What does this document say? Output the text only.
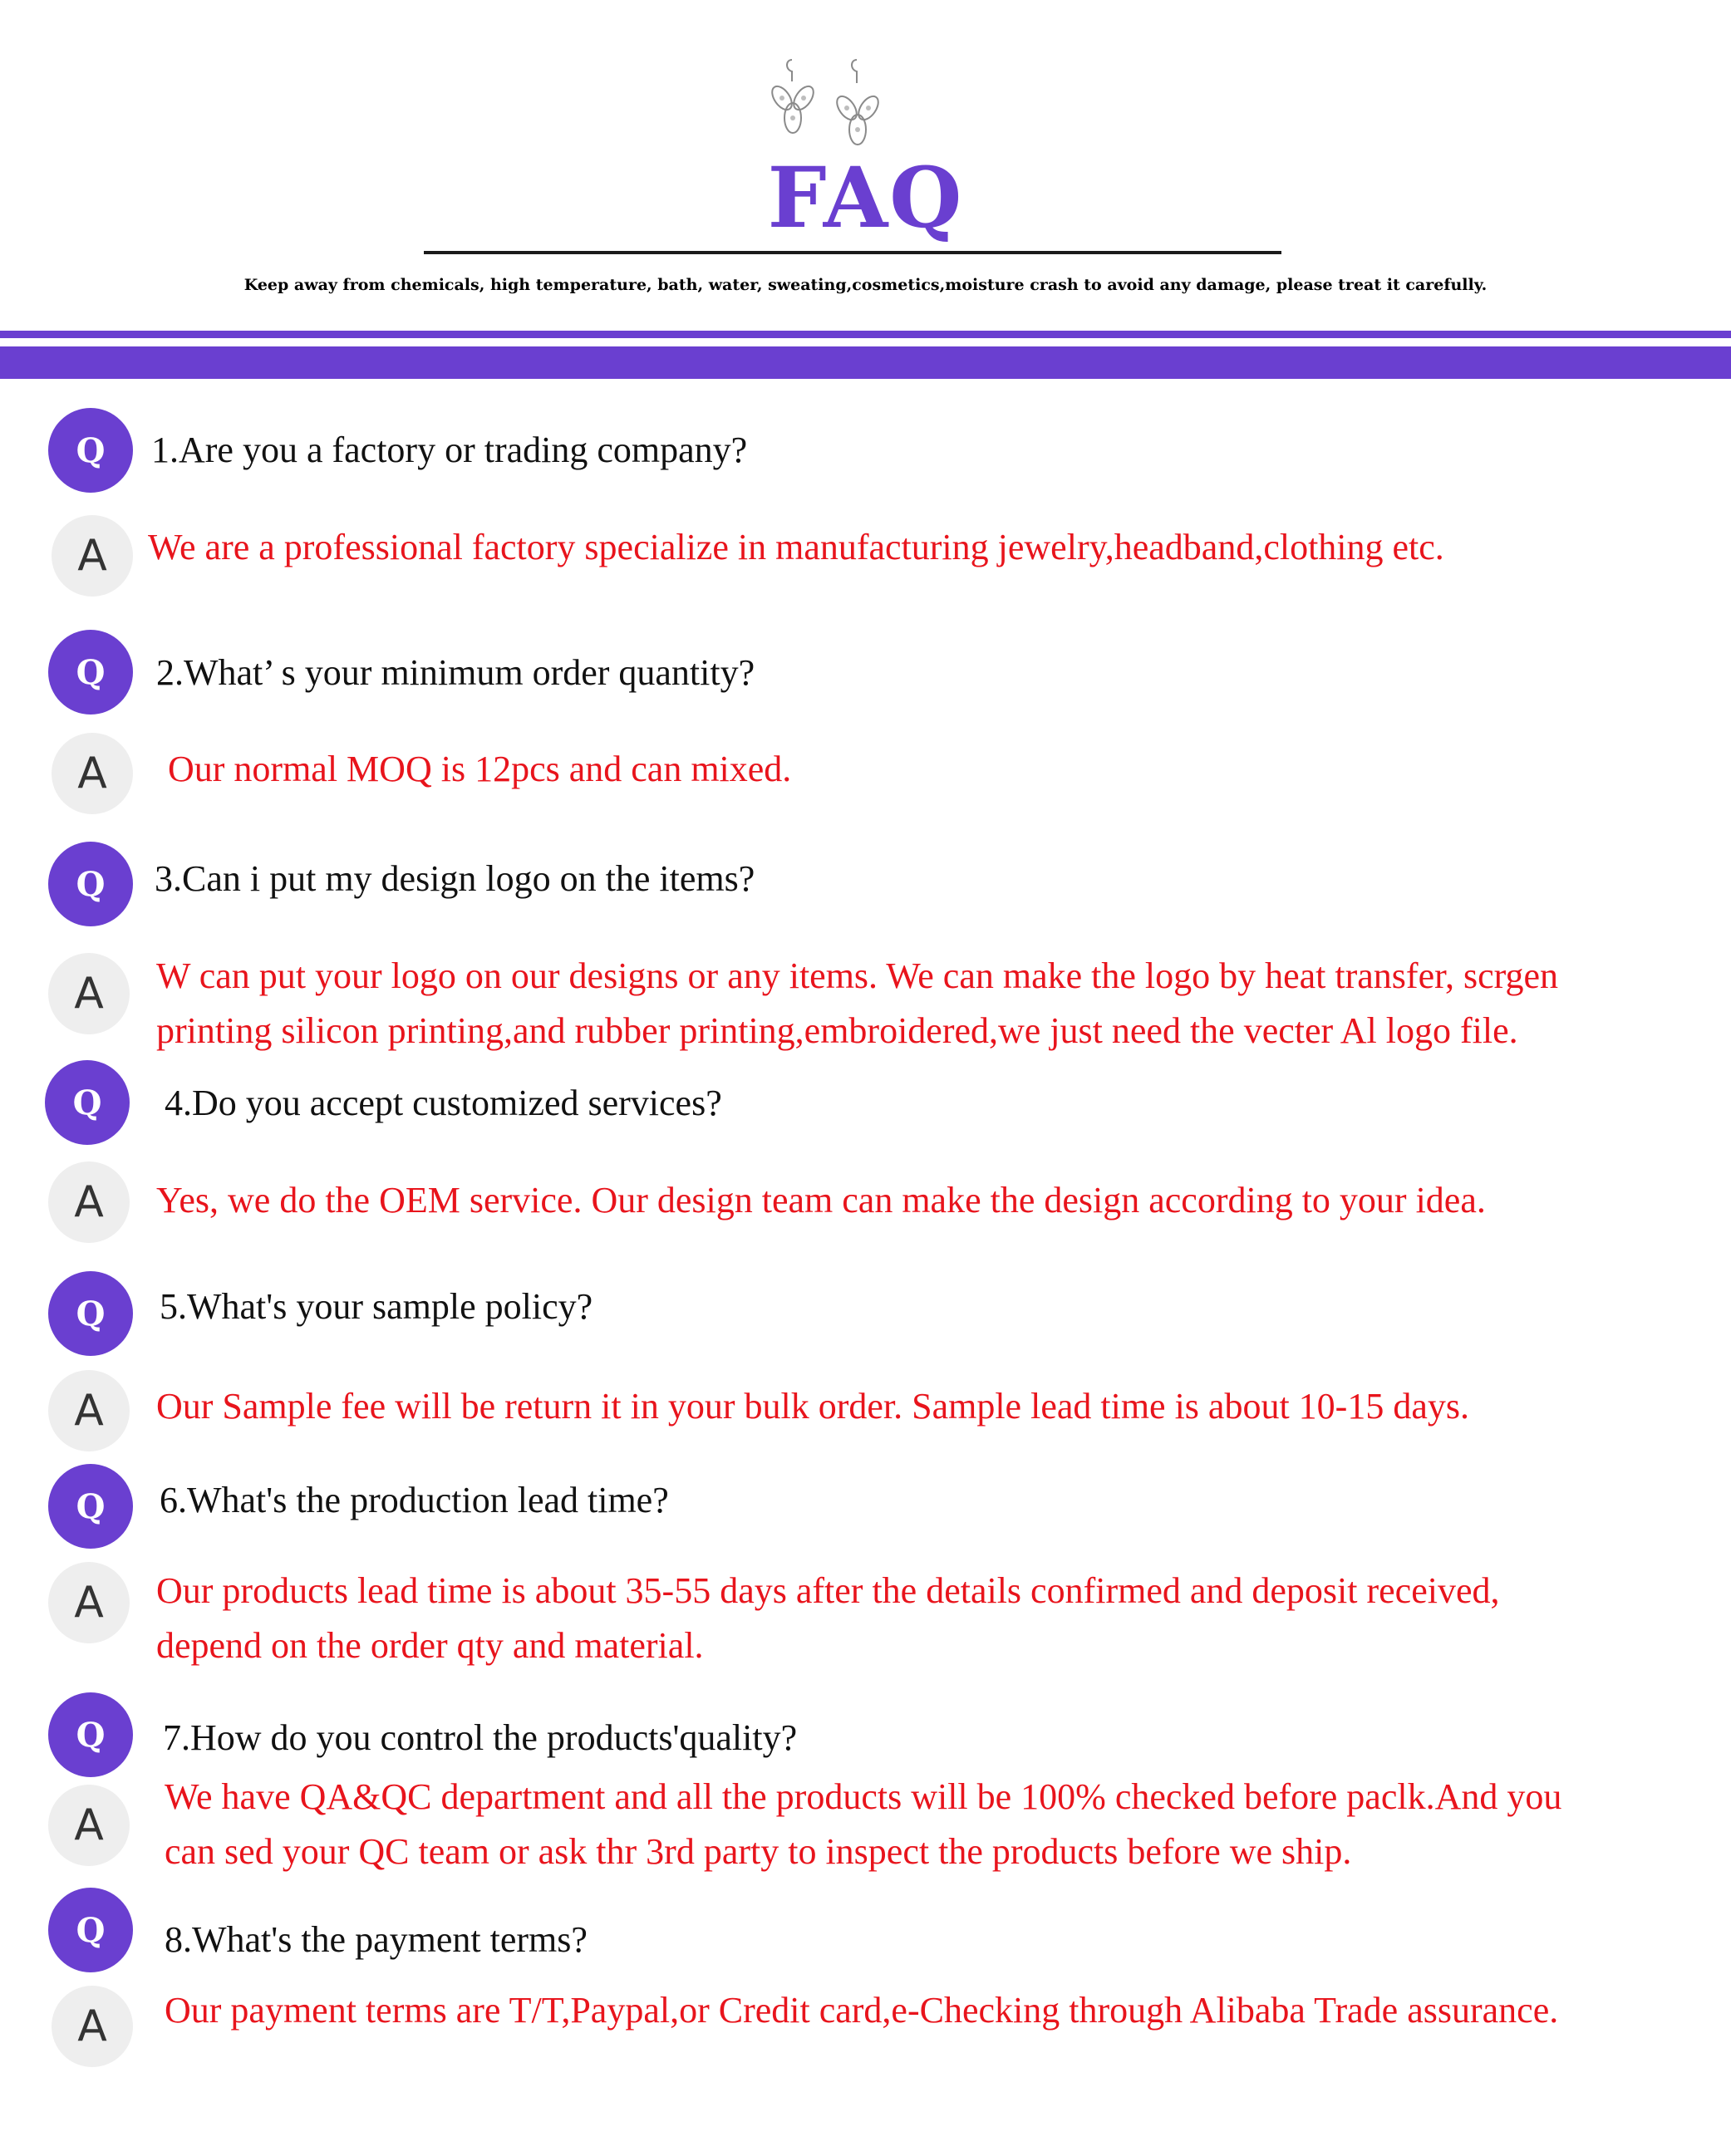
FAQ
Keep away from chemicals, high temperature, bath, water, sweating,cosmetics,moisture crash to avoid any damage, please treat it carefully.
Q	1.Are you a factory or trading company?
A	We are a professional factory specialize in manufacturing jewelry,headband,clothing etc.
Q	2.What’ s your minimum order quantity?
A	Our normal MOQ is 12pcs and can mixed.
Q	3.Can i put my design logo on the items?
A	W can put your logo on our designs or any items. We can make the logo by heat transfer, scrgen
printing silicon printing,and rubber printing,embroidered,we just need the vecter Al logo file.
Q	4.Do you accept customized services?
A	Yes, we do the OEM service. Our design team can make the design according to your idea.
Q	5.What's your sample policy?
A	Our Sample fee will be return it in your bulk order. Sample lead time is about 10-15 days.
Q	6.What's the production lead time?
A	Our products lead time is about 35-55 days after the details confirmed and deposit received,
depend on the order qty and material.
Q	7.How do you control the products'quality?
A
We have QA&QC department and all the products will be 100% checked before paclk.And you
can sed your QC team or ask thr 3rd party to inspect the products before we ship.
Q	8.What's the payment terms?
A	Our payment terms are T/T,Paypal,or Credit card,e-Checking through Alibaba Trade assurance.
